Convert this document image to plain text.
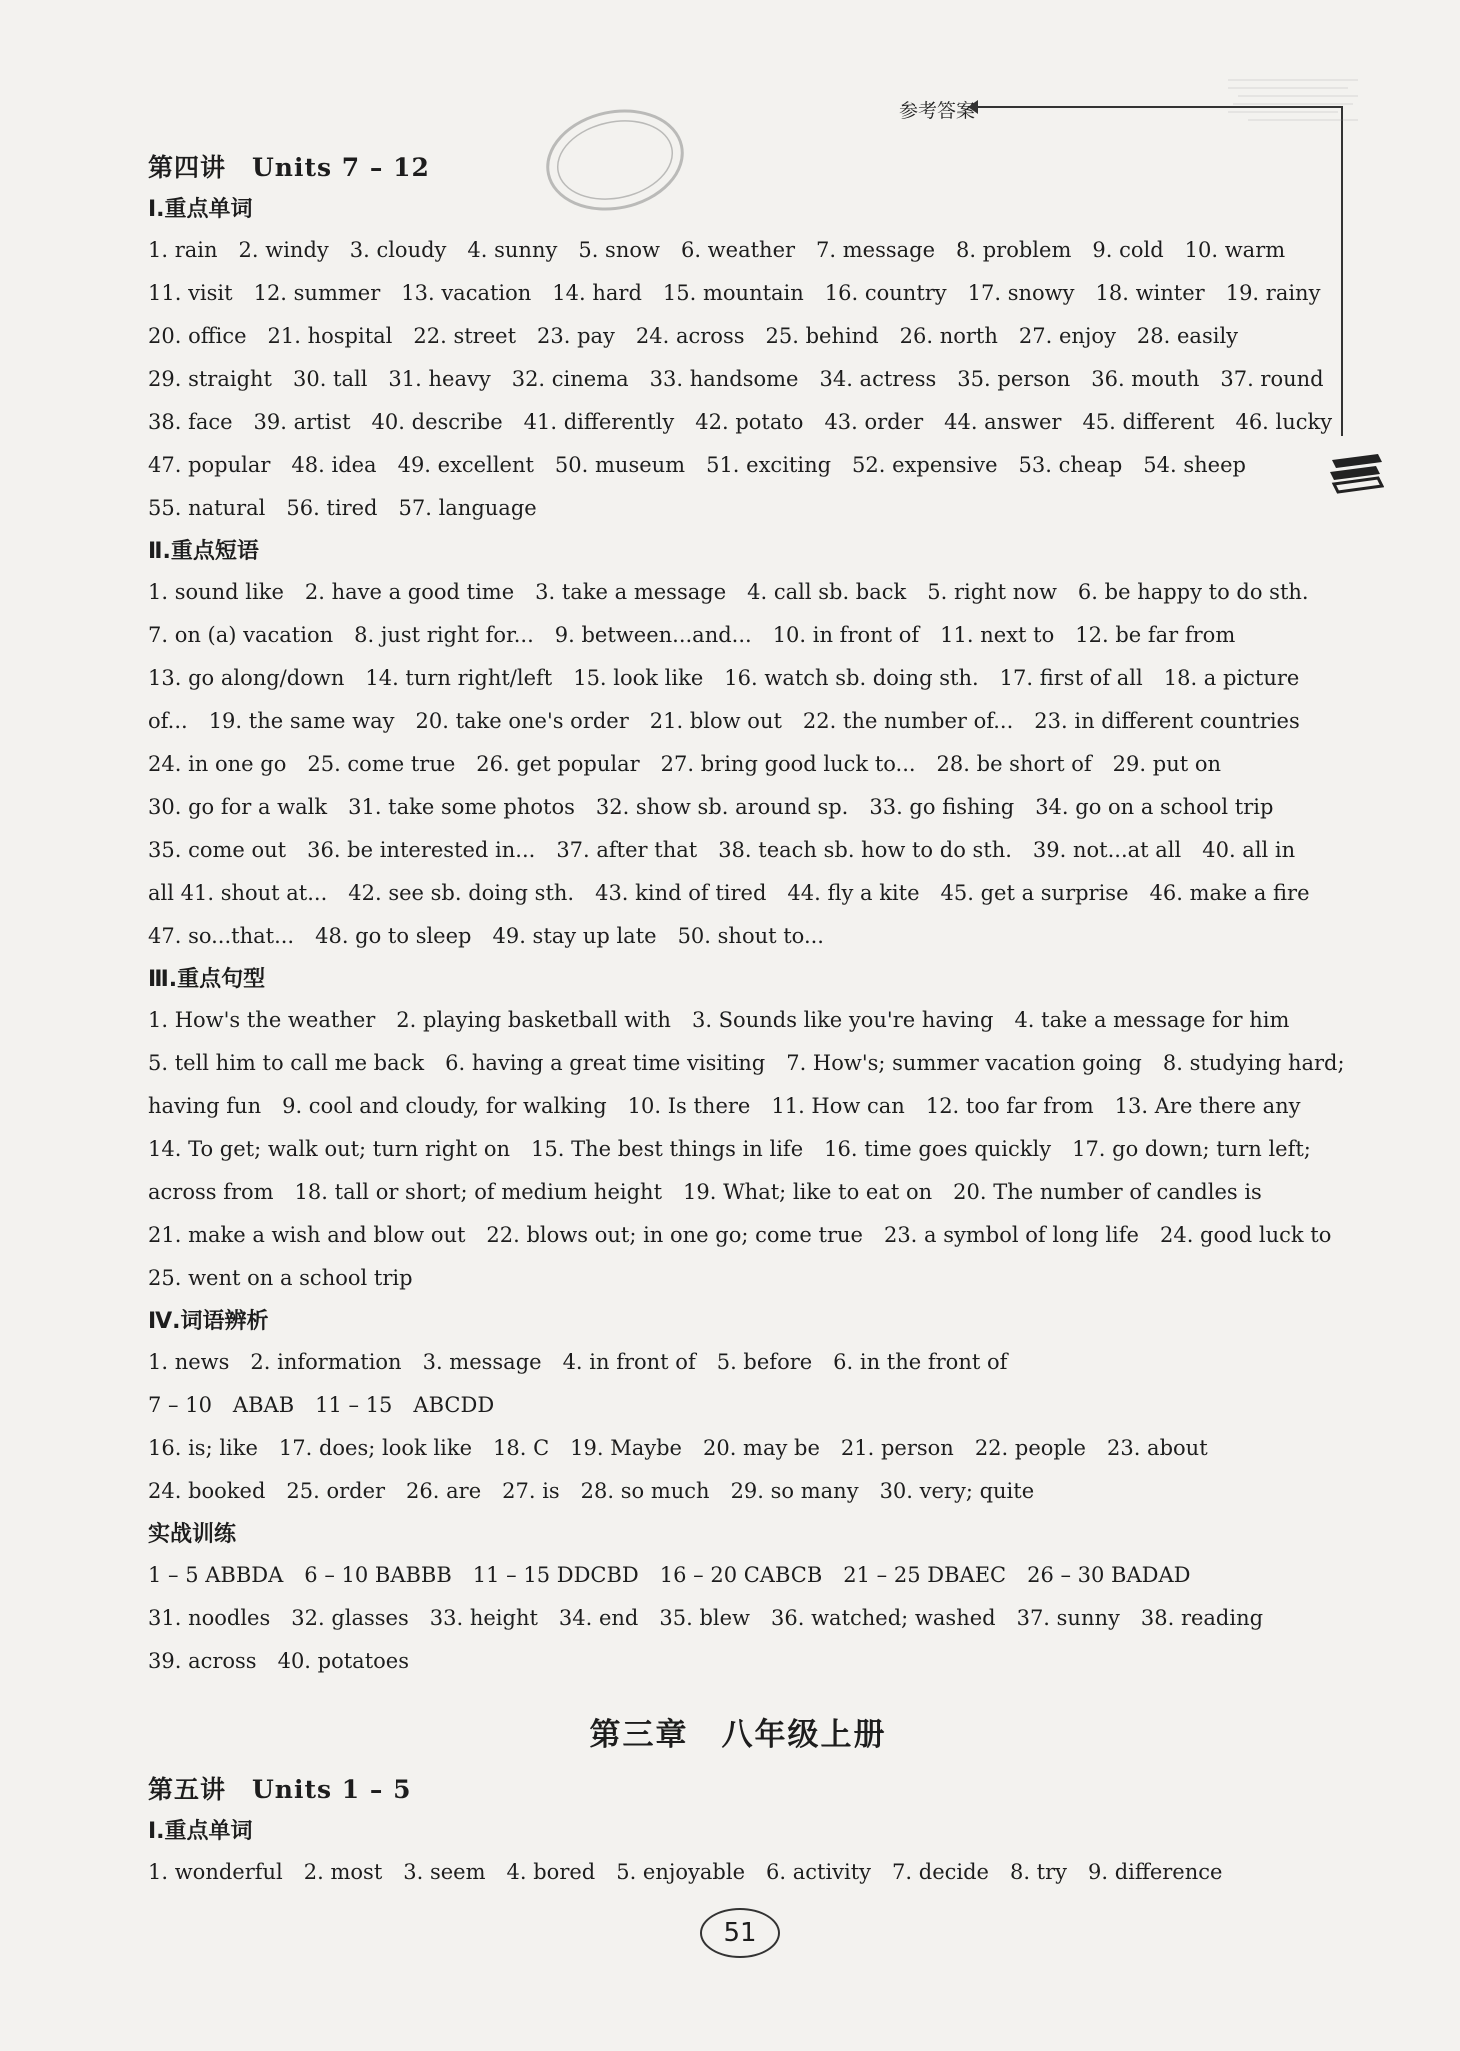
参考答案
第四讲　Units 7 – 12
Ⅰ.重点单词
1. rain　2. windy　3. cloudy　4. sunny　5. snow　6. weather　7. message　8. problem　9. cold　10. warm
11. visit　12. summer　13. vacation　14. hard　15. mountain　16. country　17. snowy　18. winter　19. rainy
20. office　21. hospital　22. street　23. pay　24. across　25. behind　26. north　27. enjoy　28. easily
29. straight　30. tall　31. heavy　32. cinema　33. handsome　34. actress　35. person　36. mouth　37. round
38. face　39. artist　40. describe　41. differently　42. potato　43. order　44. answer　45. different　46. lucky
47. popular　48. idea　49. excellent　50. museum　51. exciting　52. expensive　53. cheap　54. sheep
55. natural　56. tired　57. language
Ⅱ.重点短语
1. sound like　2. have a good time　3. take a message　4. call sb. back　5. right now　6. be happy to do sth.
7. on (a) vacation　8. just right for...　9. between...and...　10. in front of　11. next to　12. be far from
13. go along/down　14. turn right/left　15. look like　16. watch sb. doing sth.　17. first of all　18. a picture
of...　19. the same way　20. take one's order　21. blow out　22. the number of...　23. in different countries
24. in one go　25. come true　26. get popular　27. bring good luck to...　28. be short of　29. put on
30. go for a walk　31. take some photos　32. show sb. around sp.　33. go fishing　34. go on a school trip
35. come out　36. be interested in...　37. after that　38. teach sb. how to do sth.　39. not...at all　40. all in
all 41. shout at...　42. see sb. doing sth.　43. kind of tired　44. fly a kite　45. get a surprise　46. make a fire
47. so...that...　48. go to sleep　49. stay up late　50. shout to...
Ⅲ.重点句型
1. How's the weather　2. playing basketball with　3. Sounds like you're having　4. take a message for him
5. tell him to call me back　6. having a great time visiting　7. How's; summer vacation going　8. studying hard;
having fun　9. cool and cloudy, for walking　10. Is there　11. How can　12. too far from　13. Are there any
14. To get; walk out; turn right on　15. The best things in life　16. time goes quickly　17. go down; turn left;
across from　18. tall or short; of medium height　19. What; like to eat on　20. The number of candles is
21. make a wish and blow out　22. blows out; in one go; come true　23. a symbol of long life　24. good luck to
25. went on a school trip
Ⅳ.词语辨析
1. news　2. information　3. message　4. in front of　5. before　6. in the front of
7 – 10　ABAB　11 – 15　ABCDD
16. is; like　17. does; look like　18. C　19. Maybe　20. may be　21. person　22. people　23. about
24. booked　25. order　26. are　27. is　28. so much　29. so many　30. very; quite
实战训练
1 – 5 ABBDA　6 – 10 BABBB　11 – 15 DDCBD　16 – 20 CABCB　21 – 25 DBAEC　26 – 30 BADAD
31. noodles　32. glasses　33. height　34. end　35. blew　36. watched; washed　37. sunny　38. reading
39. across　40. potatoes
第三章　八年级上册
第五讲　Units 1 – 5
Ⅰ.重点单词
1. wonderful　2. most　3. seem　4. bored　5. enjoyable　6. activity　7. decide　8. try　9. difference
51
